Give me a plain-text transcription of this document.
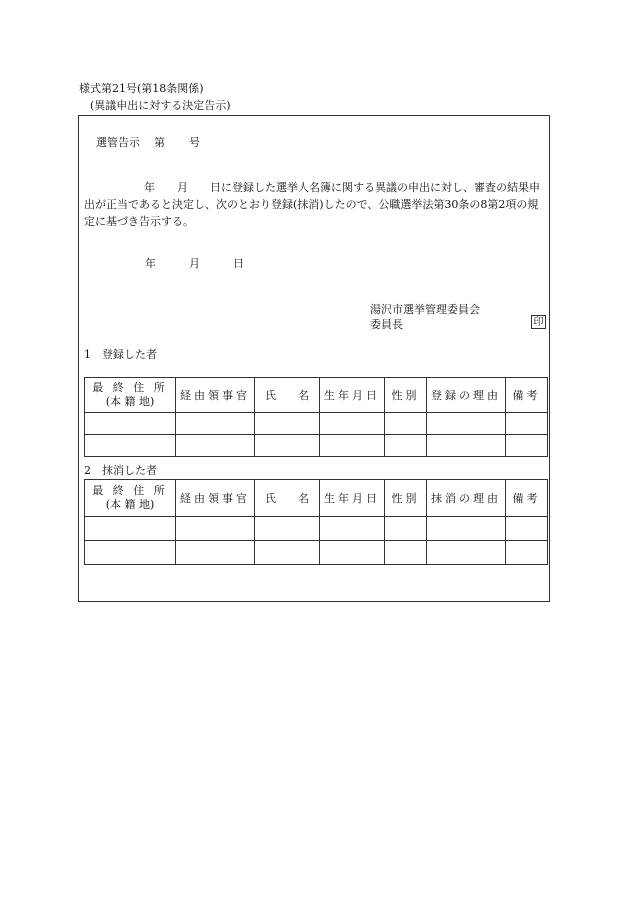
様式第21号(第18条関係)
(異議申出に対する決定告示)
選管告示 第 号
年　　月　　日に登録した選挙人名簿に関する異議の申出に対し、審査の結果申出が正当であると決定し、次のとおり登録(抹消)したので、公職選挙法第30条の8第2項の規定に基づき告示する。
年　　　月　　　日
湯沢市選挙管理委員会
委員長	印
1　登録した者
最 終 住 所
(本 籍 地)	経由領事官	氏　　名	生年月日	性別	登録の理由	備考

2　抹消した者
最 終 住 所
(本 籍 地)	経由領事官	氏　　名	生年月日	性別	抹消の理由	備考
